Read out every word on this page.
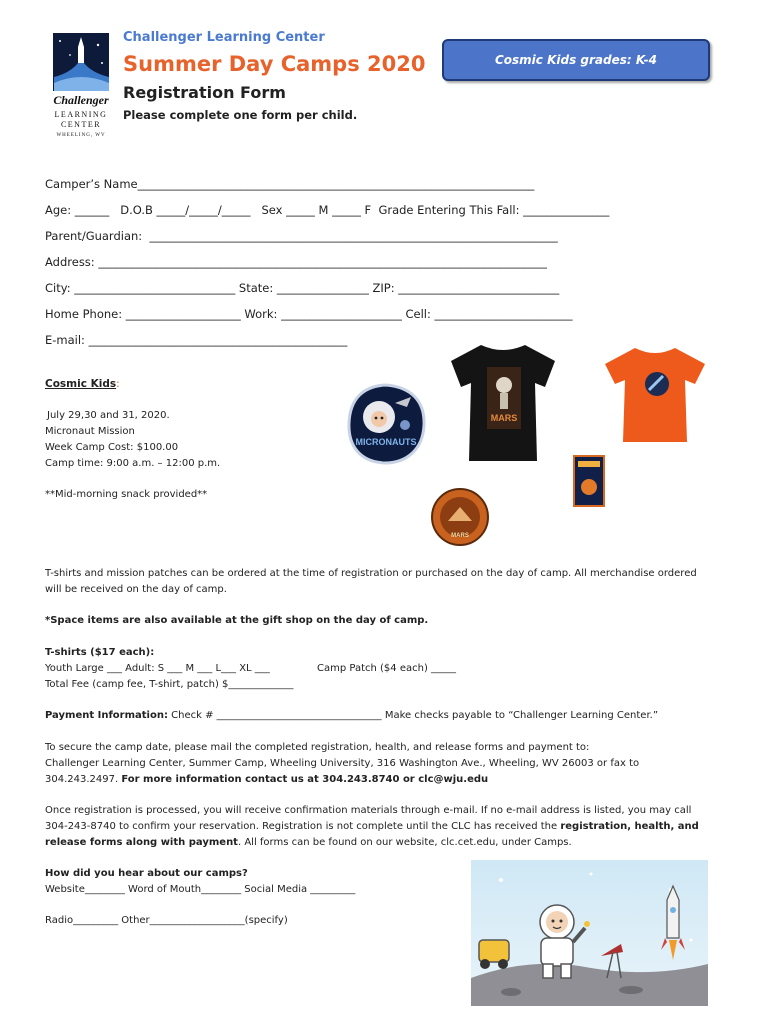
Challenger
LEARNING
CENTER
WHEELING, WV
Challenger Learning Center
Summer Day Camps 2020
Registration Form
Please complete one form per child.
Cosmic Kids grades: K-4
Camper’s Name_____________________________________________________________________
Age: ______   D.O.B _____/_____/_____   Sex _____ M _____ F  Grade Entering This Fall: _______________
Parent/Guardian:  _______________________________________________________________________
Address: ______________________________________________________________________________
City: ____________________________ State: ________________ ZIP: ____________________________
Home Phone: ____________________ Work: _____________________ Cell: ________________________
E-mail: _____________________________________________
Cosmic Kids:
July 29,30 and 31, 2020.
Micronaut Mission
Week Camp Cost: $100.00
Camp time: 9:00 a.m. – 12:00 p.m.
**Mid-morning snack provided**
MICRONAUTS
MARS
MARS
T-shirts and mission patches can be ordered at the time of registration or purchased on the day of camp. All merchandise ordered
will be received on the day of camp.
*Space items are also available at the gift shop on the day of camp.
T-shirts ($17 each):
Youth Large ___ Adult: S ___ M ___ L___ XL ___	Camp Patch ($4 each) _____
Total Fee (camp fee, T-shirt, patch) $_____________
Payment Information: Check # _________________________________ Make checks payable to “Challenger Learning Center.”
To secure the camp date, please mail the completed registration, health, and release forms and payment to:
Challenger Learning Center, Summer Camp, Wheeling University, 316 Washington Ave., Wheeling, WV 26003 or fax to
304.243.2497. For more information contact us at 304.243.8740 or clc@wju.edu
Once registration is processed, you will receive confirmation materials through e-mail. If no e-mail address is listed, you may call
304-243-8740 to confirm your reservation. Registration is not complete until the CLC has received the registration, health, and
release forms along with payment. All forms can be found on our website, clc.cet.edu, under Camps.
How did you hear about our camps?
Website________ Word of Mouth________ Social Media _________
Radio_________ Other___________________(specify)
